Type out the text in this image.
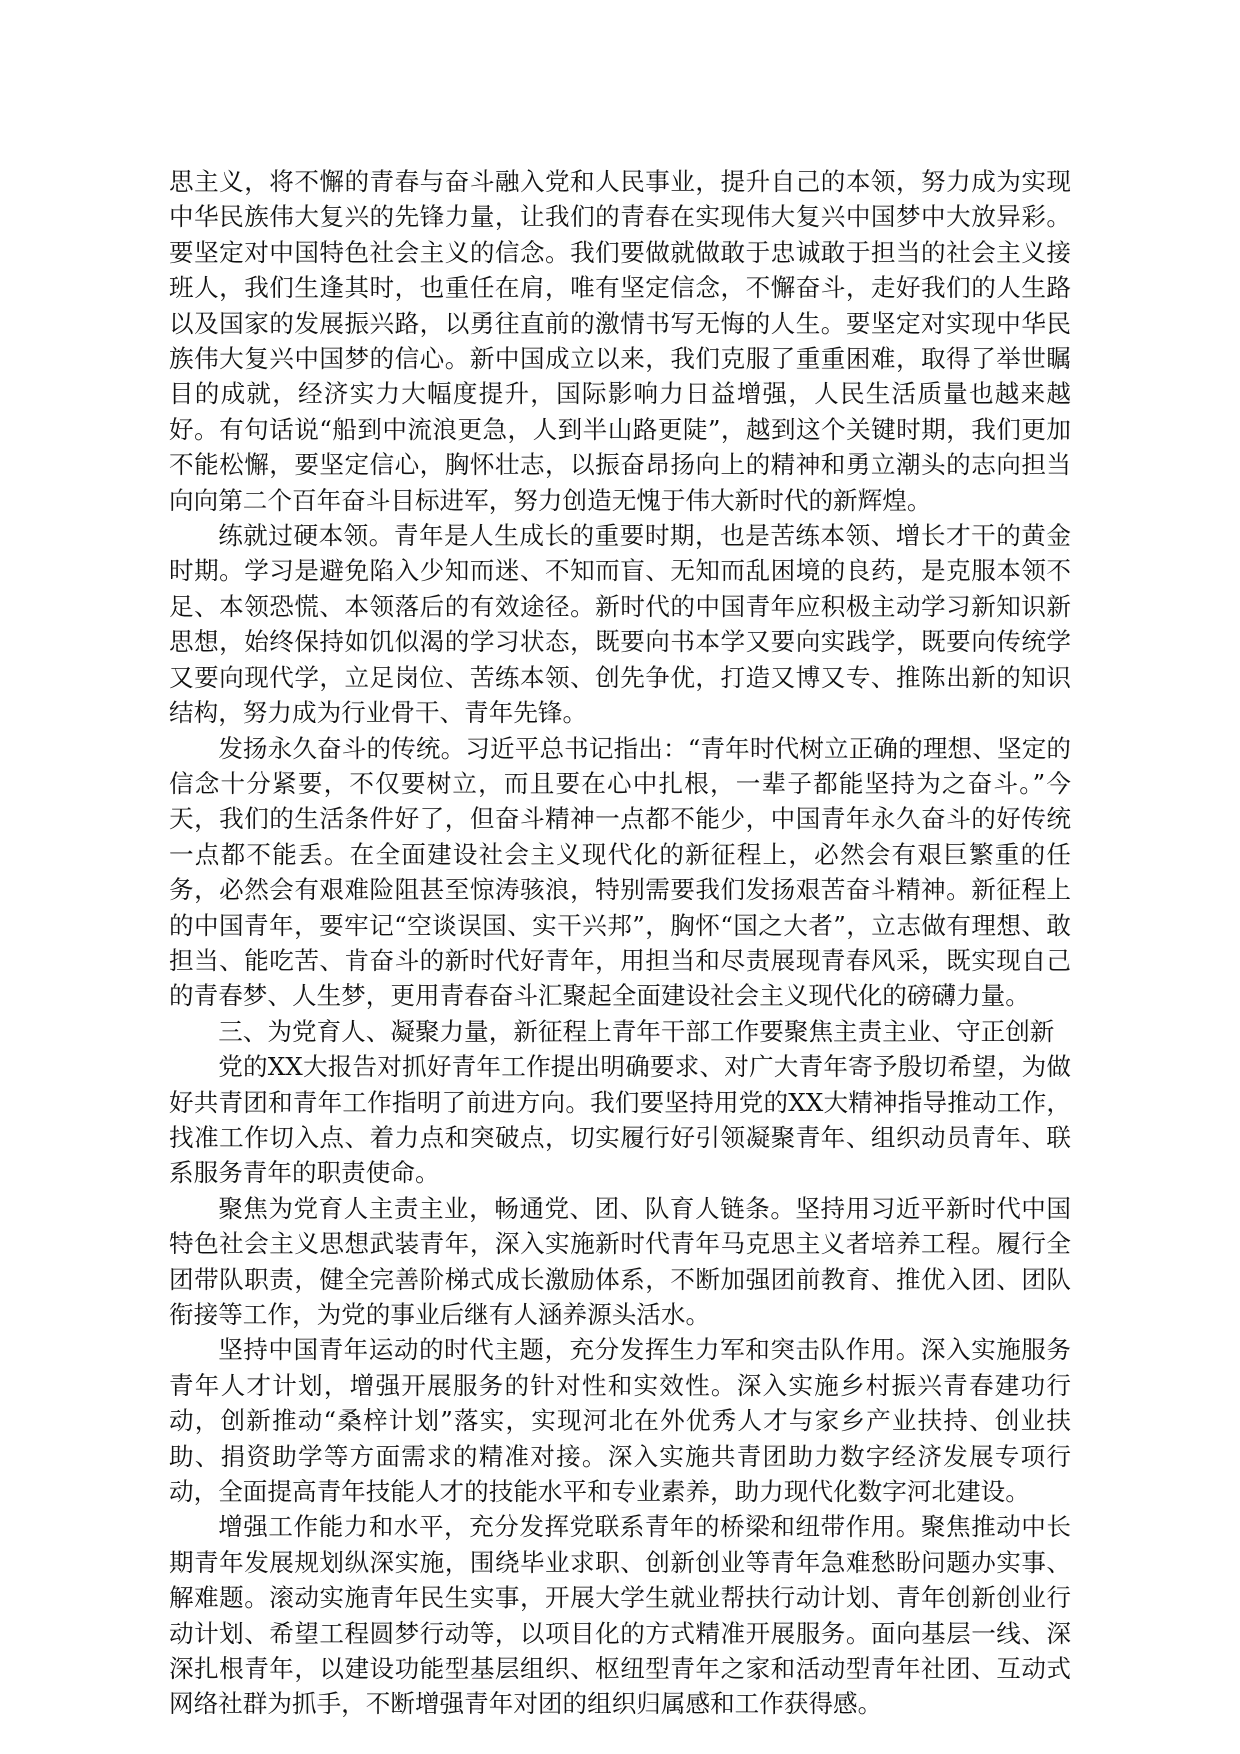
思主义，将不懈的青春与奋斗融入党和人民事业，提升自己的本领，努力成为实现中华民族伟大复兴的先锋力量，让我们的青春在实现伟大复兴中国梦中大放异彩。要坚定对中国特色社会主义的信念。我们要做就做敢于忠诚敢于担当的社会主义接班人，我们生逢其时，也重任在肩，唯有坚定信念，不懈奋斗，走好我们的人生路以及国家的发展振兴路，以勇往直前的激情书写无悔的人生。要坚定对实现中华民族伟大复兴中国梦的信心。新中国成立以来，我们克服了重重困难，取得了举世瞩目的成就，经济实力大幅度提升，国际影响力日益增强，人民生活质量也越来越好。有句话说“船到中流浪更急，人到半山路更陡”，越到这个关键时期，我们更加不能松懈，要坚定信心，胸怀壮志，以振奋昂扬向上的精神和勇立潮头的志向担当向向第二个百年奋斗目标进军，努力创造无愧于伟大新时代的新辉煌。

练就过硬本领。青年是人生成长的重要时期，也是苦练本领、增长才干的黄金时期。学习是避免陷入少知而迷、不知而盲、无知而乱困境的良药，是克服本领不足、本领恐慌、本领落后的有效途径。新时代的中国青年应积极主动学习新知识新思想，始终保持如饥似渴的学习状态，既要向书本学又要向实践学，既要向传统学又要向现代学，立足岗位、苦练本领、创先争优，打造又博又专、推陈出新的知识结构，努力成为行业骨干、青年先锋。

发扬永久奋斗的传统。习近平总书记指出：“青年时代树立正确的理想、坚定的信念十分紧要，不仅要树立，而且要在心中扎根，一辈子都能坚持为之奋斗。”今天，我们的生活条件好了，但奋斗精神一点都不能少，中国青年永久奋斗的好传统一点都不能丢。在全面建设社会主义现代化的新征程上，必然会有艰巨繁重的任务，必然会有艰难险阻甚至惊涛骇浪，特别需要我们发扬艰苦奋斗精神。新征程上的中国青年，要牢记“空谈误国、实干兴邦”，胸怀“国之大者”，立志做有理想、敢担当、能吃苦、肯奋斗的新时代好青年，用担当和尽责展现青春风采，既实现自己的青春梦、人生梦，更用青春奋斗汇聚起全面建设社会主义现代化的磅礴力量。

三、为党育人、凝聚力量，新征程上青年干部工作要聚焦主责主业、守正创新

党的XX大报告对抓好青年工作提出明确要求、对广大青年寄予殷切希望，为做好共青团和青年工作指明了前进方向。我们要坚持用党的XX大精神指导推动工作，找准工作切入点、着力点和突破点，切实履行好引领凝聚青年、组织动员青年、联系服务青年的职责使命。

聚焦为党育人主责主业，畅通党、团、队育人链条。坚持用习近平新时代中国特色社会主义思想武装青年，深入实施新时代青年马克思主义者培养工程。履行全团带队职责，健全完善阶梯式成长激励体系，不断加强团前教育、推优入团、团队衔接等工作，为党的事业后继有人涵养源头活水。

坚持中国青年运动的时代主题，充分发挥生力军和突击队作用。深入实施服务青年人才计划，增强开展服务的针对性和实效性。深入实施乡村振兴青春建功行动，创新推动“桑梓计划”落实，实现河北在外优秀人才与家乡产业扶持、创业扶助、捐资助学等方面需求的精准对接。深入实施共青团助力数字经济发展专项行动，全面提高青年技能人才的技能水平和专业素养，助力现代化数字河北建设。

增强工作能力和水平，充分发挥党联系青年的桥梁和纽带作用。聚焦推动中长期青年发展规划纵深实施，围绕毕业求职、创新创业等青年急难愁盼问题办实事、解难题。滚动实施青年民生实事，开展大学生就业帮扶行动计划、青年创新创业行动计划、希望工程圆梦行动等，以项目化的方式精准开展服务。面向基层一线、深深扎根青年，以建设功能型基层组织、枢纽型青年之家和活动型青年社团、互动式网络社群为抓手，不断增强青年对团的组织归属感和工作获得感。
